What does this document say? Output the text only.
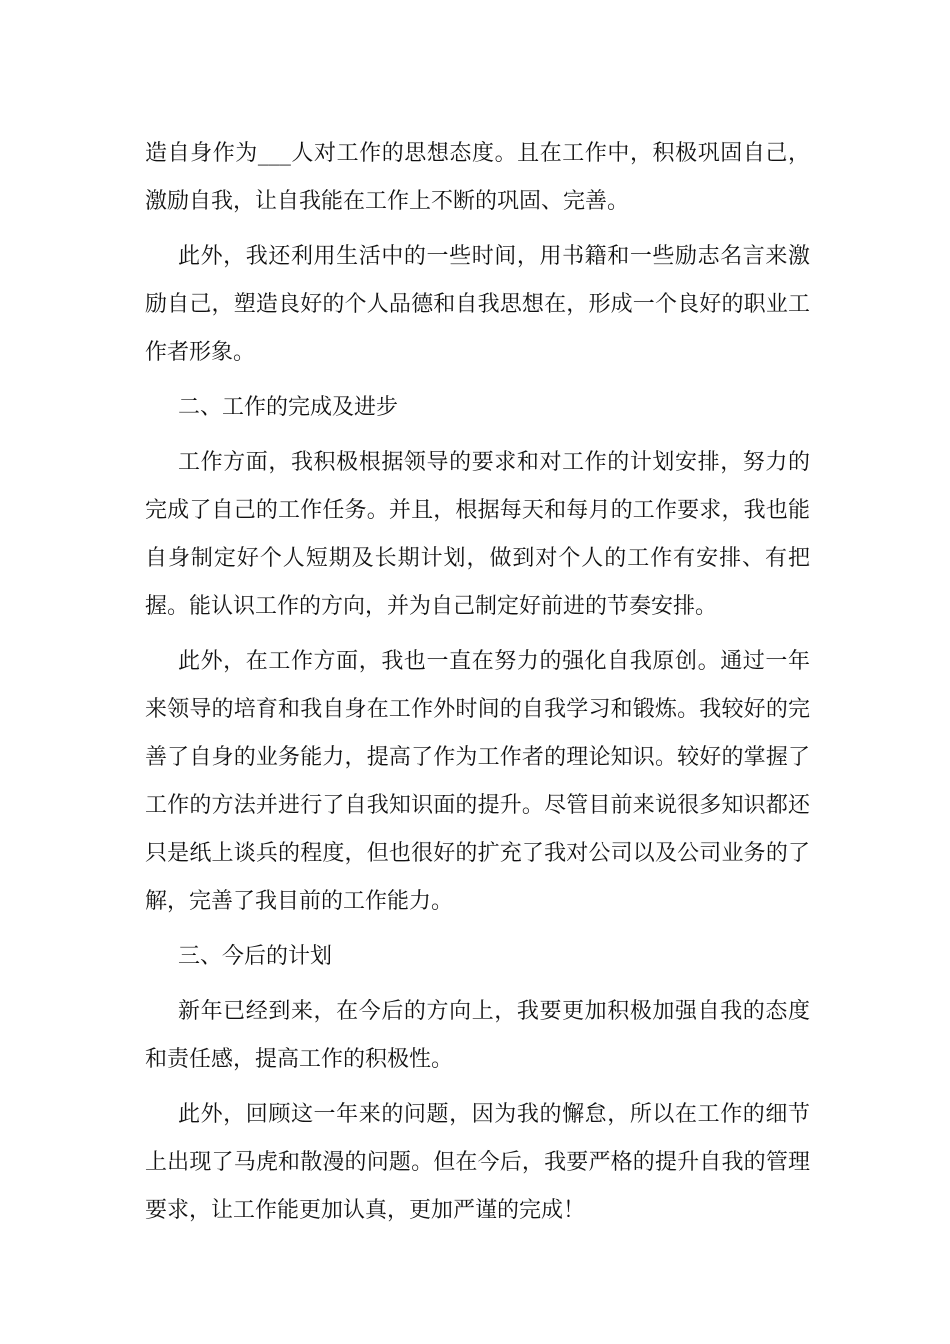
造自身作为___人对工作的思想态度。且在工作中，积极巩固自己，激励自我，让自我能在工作上不断的巩固、完善。

此外，我还利用生活中的一些时间，用书籍和一些励志名言来激励自己，塑造良好的个人品德和自我思想在，形成一个良好的职业工作者形象。

二、工作的完成及进步

工作方面，我积极根据领导的要求和对工作的计划安排，努力的完成了自己的工作任务。并且，根据每天和每月的工作要求，我也能自身制定好个人短期及长期计划，做到对个人的工作有安排、有把握。能认识工作的方向，并为自己制定好前进的节奏安排。

此外，在工作方面，我也一直在努力的强化自我原创。通过一年来领导的培育和我自身在工作外时间的自我学习和锻炼。我较好的完善了自身的业务能力，提高了作为工作者的理论知识。较好的掌握了工作的方法并进行了自我知识面的提升。尽管目前来说很多知识都还只是纸上谈兵的程度，但也很好的扩充了我对公司以及公司业务的了解，完善了我目前的工作能力。

三、今后的计划

新年已经到来，在今后的方向上，我要更加积极加强自我的态度和责任感，提高工作的积极性。

此外，回顾这一年来的问题，因为我的懈怠，所以在工作的细节上出现了马虎和散漫的问题。但在今后，我要严格的提升自我的管理要求，让工作能更加认真，更加严谨的完成！
